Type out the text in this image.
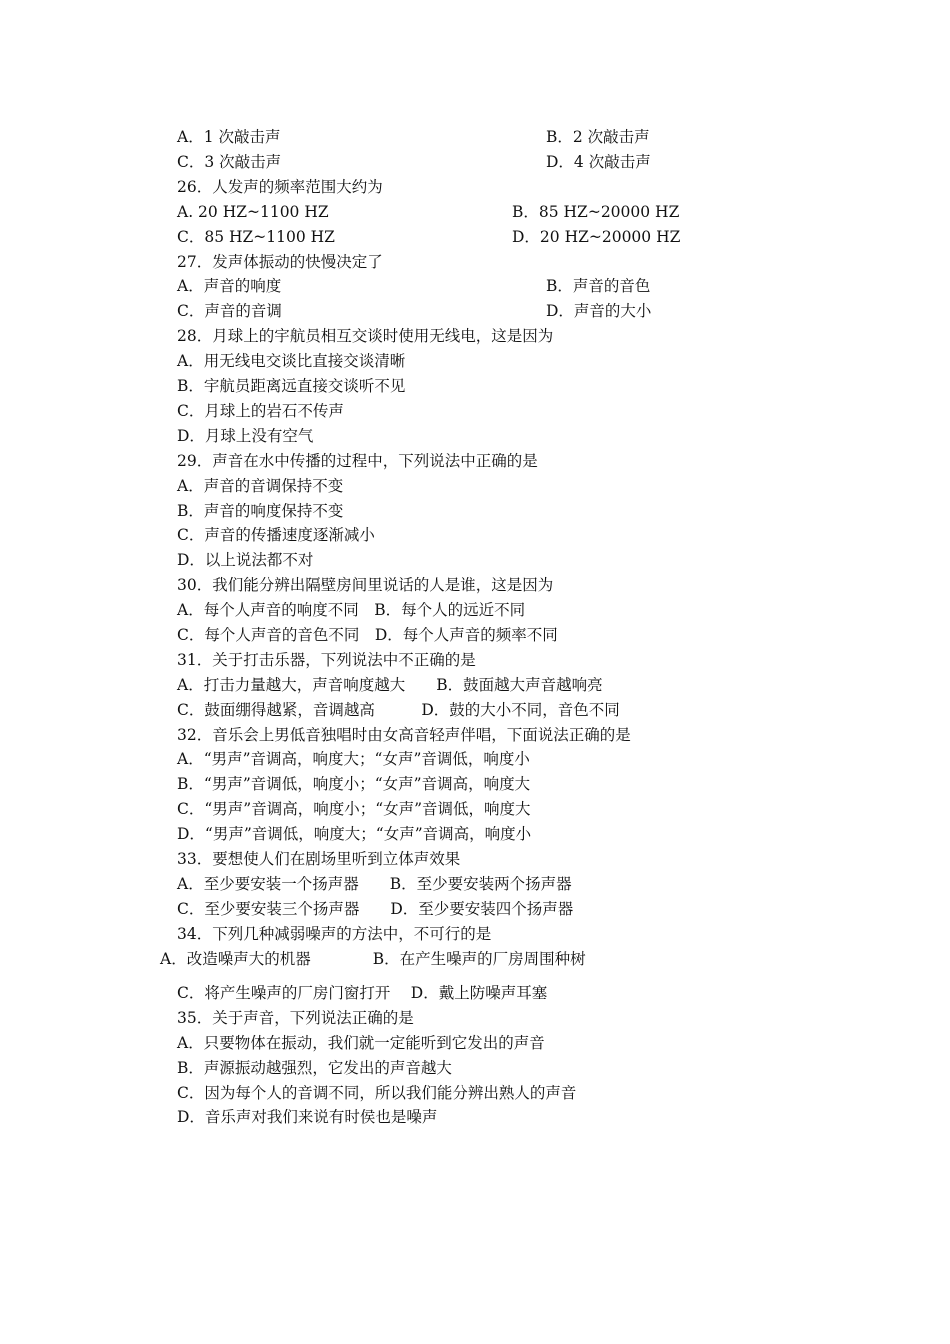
A．1 次敲击声	B．2 次敲击声
C．3 次敲击声	D．4 次敲击声
26．人发声的频率范围大约为
A. 20 HZ~1100 HZ	B．85 HZ~20000 HZ
C．85 HZ~1100 HZ	D．20 HZ~20000 HZ
27．发声体振动的快慢决定了
A．声音的响度	B．声音的音色
C．声音的音调	D．声音的大小
28．月球上的宇航员相互交谈时使用无线电，这是因为
A．用无线电交谈比直接交谈清晰
B．宇航员距离远直接交谈听不见
C．月球上的岩石不传声
D．月球上没有空气
29．声音在水中传播的过程中，下列说法中正确的是
A．声音的音调保持不变
B．声音的响度保持不变
C．声音的传播速度逐渐减小
D．以上说法都不对
30．我们能分辨出隔壁房间里说话的人是谁，这是因为
A．每个人声音的响度不同　B．每个人的远近不同
C．每个人声音的音色不同　D．每个人声音的频率不同
31．关于打击乐器，下列说法中不正确的是
A．打击力量越大，声音响度越大　　B．鼓面越大声音越响亮
C．鼓面绷得越紧，音调越高　　　D．鼓的大小不同，音色不同
32．音乐会上男低音独唱时由女高音轻声伴唱，下面说法正确的是
A．“男声”音调高，响度大；“女声”音调低，响度小
B．“男声”音调低，响度小；“女声”音调高，响度大
C．“男声”音调高，响度小；“女声”音调低，响度大
D．“男声”音调低，响度大；“女声”音调高，响度小
33．要想使人们在剧场里听到立体声效果
A．至少要安装一个扬声器　　B．至少要安装两个扬声器
C．至少要安装三个扬声器　　D．至少要安装四个扬声器
34．下列几种减弱噪声的方法中，不可行的是
A．改造噪声大的机器　　　　B．在产生噪声的厂房周围种树
C．将产生噪声的厂房门窗打开　 D．戴上防噪声耳塞
35．关于声音，下列说法正确的是
A．只要物体在振动，我们就一定能听到它发出的声音
B．声源振动越强烈，它发出的声音越大
C．因为每个人的音调不同，所以我们能分辨出熟人的声音
D．音乐声对我们来说有时侯也是噪声
